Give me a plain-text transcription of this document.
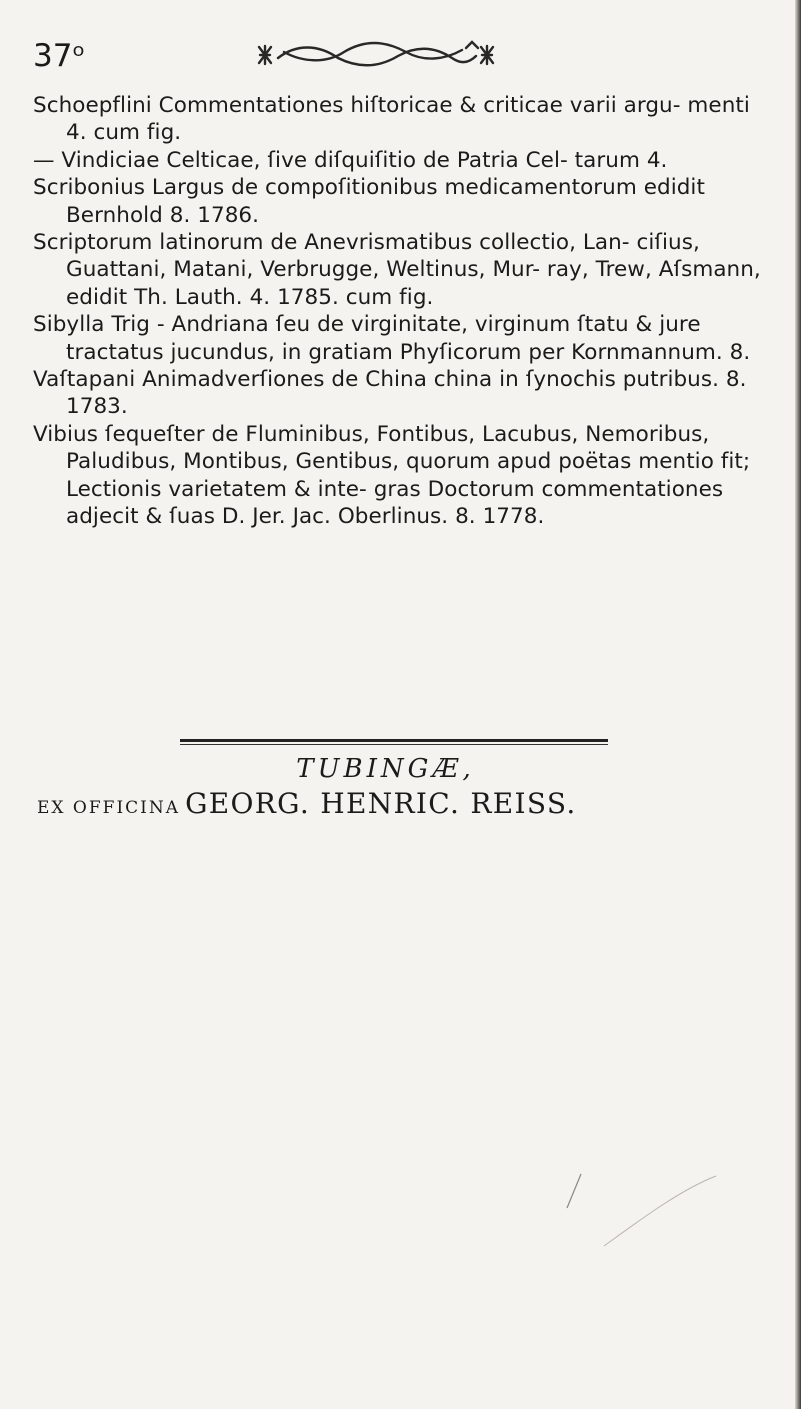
37ᵒ

Schoepflini Commentationes hiſtoricae & criticae varii argu- menti 4. cum fig.

— Vindiciae Celticae, ſive diſquiſitio de Patria Cel- tarum 4.

Scribonius Largus de compoſitionibus medicamentorum edidit Bernhold 8. 1786.

Scriptorum latinorum de Anevrismatibus collectio, Lan- ciſius, Guattani, Matani, Verbrugge, Weltinus, Mur- ray, Trew, Aſsmann, edidit Th. Lauth. 4. 1785. cum fig.

Sibylla Trig - Andriana ſeu de virginitate, virginum ſtatu & jure tractatus jucundus, in gratiam Phyſicorum per Kornmannum. 8.

Vaſtapani Animadverſiones de China china in ſynochis putribus. 8. 1783.

Vibius ſequeſter de Fluminibus, Fontibus, Lacubus, Nemoribus, Paludibus, Montibus, Gentibus, quorum apud poëtas mentio fit; Lectionis varietatem & inte- gras Doctorum commentationes adjecit & ſuas D. Jer. Jac. Oberlinus. 8. 1778.

TUBINGÆ,
EX OFFICINA GEORG. HENRIC. REISS.
